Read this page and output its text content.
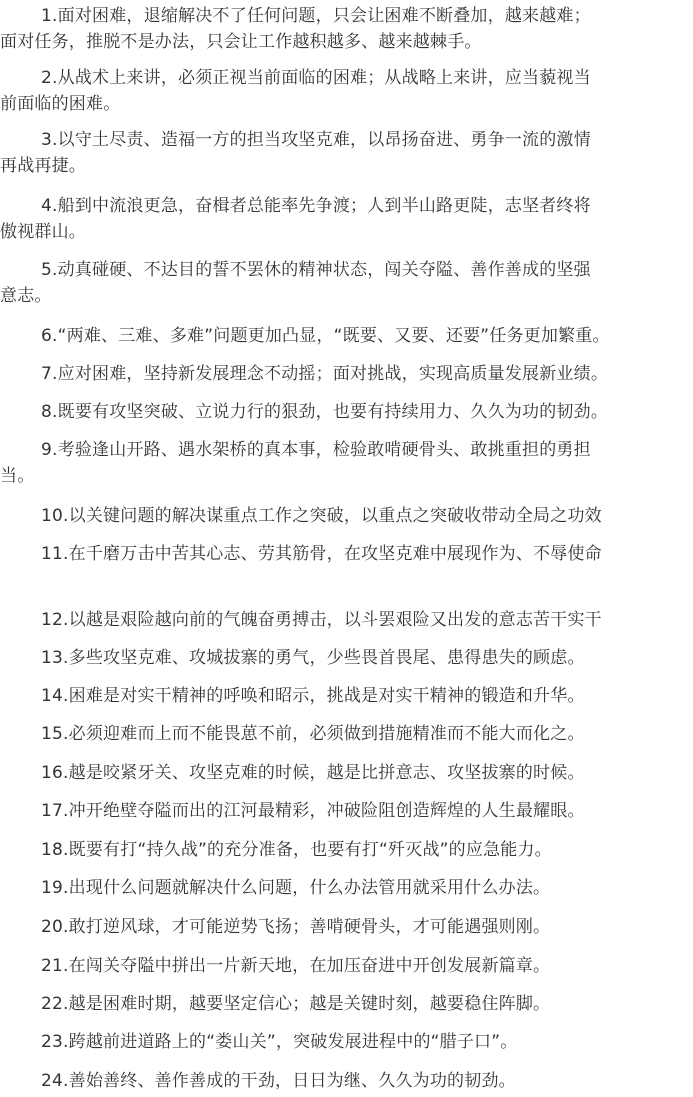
1.面对困难，退缩解决不了任何问题，只会让困难不断叠加，越来越难；
面对任务，推脱不是办法，只会让工作越积越多、越来越棘手。

2.从战术上来讲，必须正视当前面临的困难；从战略上来讲，应当藐视当
前面临的困难。

3.以守土尽责、造福一方的担当攻坚克难，以昂扬奋进、勇争一流的激情
再战再捷。

4.船到中流浪更急，奋楫者总能率先争渡；人到半山路更陡，志坚者终将
傲视群山。

5.动真碰硬、不达目的誓不罢休的精神状态，闯关夺隘、善作善成的坚强
意志。

6.“两难、三难、多难”问题更加凸显，“既要、又要、还要”任务更加繁重。

7.应对困难，坚持新发展理念不动摇；面对挑战，实现高质量发展新业绩。

8.既要有攻坚突破、立说力行的狠劲，也要有持续用力、久久为功的韧劲。

9.考验逢山开路、遇水架桥的真本事，检验敢啃硬骨头、敢挑重担的勇担
当。

10.以关键问题的解决谋重点工作之突破，以重点之突破收带动全局之功效

11.在千磨万击中苦其心志、劳其筋骨，在攻坚克难中展现作为、不辱使命

12.以越是艰险越向前的气魄奋勇搏击，以斗罢艰险又出发的意志苦干实干

13.多些攻坚克难、攻城拔寨的勇气，少些畏首畏尾、患得患失的顾虑。

14.困难是对实干精神的呼唤和昭示，挑战是对实干精神的锻造和升华。

15.必须迎难而上而不能畏葸不前，必须做到措施精准而不能大而化之。

16.越是咬紧牙关、攻坚克难的时候，越是比拼意志、攻坚拔寨的时候。

17.冲开绝壁夺隘而出的江河最精彩，冲破险阻创造辉煌的人生最耀眼。

18.既要有打“持久战”的充分准备，也要有打“歼灭战”的应急能力。

19.出现什么问题就解决什么问题，什么办法管用就采用什么办法。

20.敢打逆风球，才可能逆势飞扬；善啃硬骨头，才可能遇强则刚。

21.在闯关夺隘中拼出一片新天地，在加压奋进中开创发展新篇章。

22.越是困难时期，越要坚定信心；越是关键时刻，越要稳住阵脚。

23.跨越前进道路上的“娄山关”，突破发展进程中的“腊子口”。

24.善始善终、善作善成的干劲，日日为继、久久为功的韧劲。
